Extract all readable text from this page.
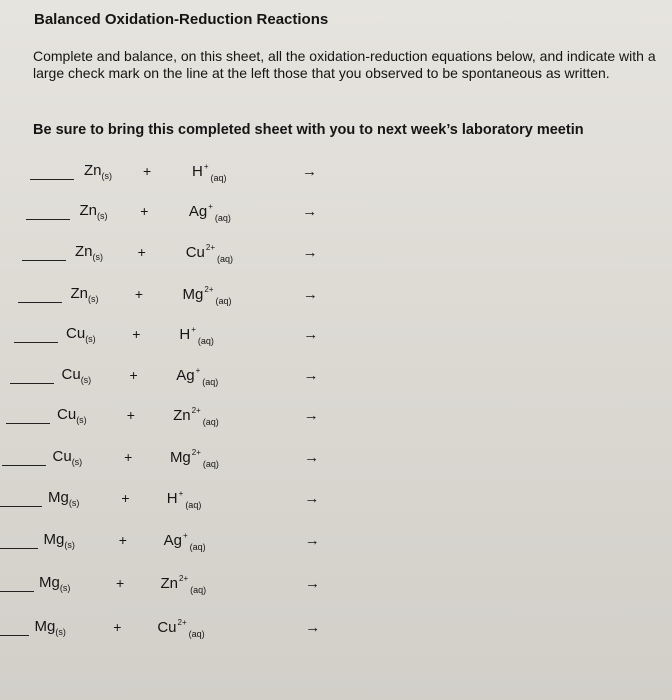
Balanced Oxidation-Reduction Reactions
Complete and balance, on this sheet, all the oxidation-reduction equations below, and indicate with a large check mark on the line at the left those that you observed to be spontaneous as written.
Be sure to bring this completed sheet with you to next week’s laboratory meetin
$Zn_{(s)}$ +	$H^+_{(aq)}$	→
$Zn_{(s)}$ +	$Ag^+_{(aq)}$	→
$Zn_{(s)}$ +	$Cu^{2+}_{(aq)}$	→
$Zn_{(s)}$	+	$Mg^{2+}_{(aq)}$	→
$Cu_{(s)}$	+	$H^+_{(aq)}$	→
$Cu_{(s)}$	+	$Ag^+_{(aq)}$	→
$Cu_{(s)}$	+	$Zn^{2+}_{(aq)}$	→
$Cu_{(s)}$	+	$Mg^{2+}_{(aq)}$	→
$Mg_{(s)}$	+ $H^+_{(aq)}$	→
$Mg_{(s)}$	+ $Ag^+_{(aq)}$	→
$Mg_{(s)}$	+ $Zn^{2+}_{(aq)}$	→
$Mg_{(s)}$	+ $Cu^{2+}_{(aq)}$	→
